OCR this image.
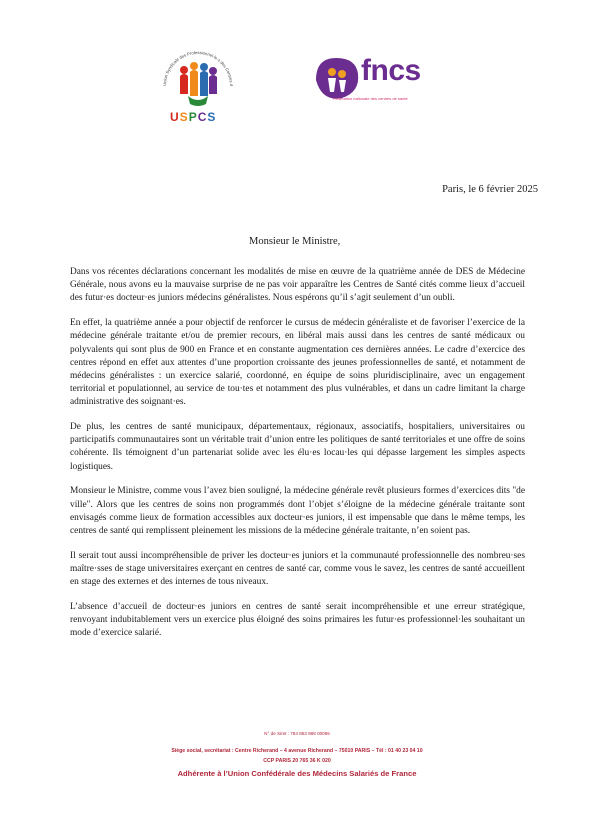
Union Syndicale des Professionnel·le·s des Centres d
USPCS
fncs
Fédération nationale des centres de santé
Paris, le 6 février 2025
Monsieur le Ministre,

Dans vos récentes déclarations concernant les modalités de mise en œuvre de la quatrième année de DES de Médecine Générale, nous avons eu la mauvaise surprise de ne pas voir apparaître les Centres de Santé cités comme lieux d’accueil des futur·es docteur·es juniors médecins généralistes. Nous espérons qu’il s’agit seulement d’un oubli.

En effet, la quatrième année a pour objectif de renforcer le cursus de médecin généraliste et de favoriser l’exercice de la médecine générale traitante et/ou de premier recours, en libéral mais aussi dans les centres de santé médicaux ou polyvalents qui sont plus de 900 en France et en constante augmentation ces dernières années. Le cadre d’exercice des centres répond en effet aux attentes d’une proportion croissante des jeunes professionnelles de santé, et notamment de médecins généralistes : un exercice salarié, coordonné, en équipe de soins pluridisciplinaire, avec un engagement territorial et populationnel, au service de tou·tes et notamment des plus vulnérables, et dans un cadre limitant la charge administrative des soignant·es.

De plus, les centres de santé municipaux, départementaux, régionaux, associatifs, hospitaliers, universitaires ou participatifs communautaires sont un véritable trait d’union entre les politiques de santé territoriales et une offre de soins cohérente. Ils témoignent d’un partenariat solide avec les élu·es locau·les qui dépasse largement les simples aspects logistiques.

Monsieur le Ministre, comme vous l’avez bien souligné, la médecine générale revêt plusieurs formes d’exercices dits "de ville". Alors que les centres de soins non programmés dont l’objet s’éloigne de la médecine générale traitante sont envisagés comme lieux de formation accessibles aux docteur·es juniors, il est impensable que dans le même temps, les centres de santé qui remplissent pleinement les missions de la médecine générale traitante, n’en soient pas.

Il serait tout aussi incompréhensible de priver les docteur·es juniors et la communauté professionnelle des nombreu·ses maître·sses de stage universitaires exerçant en centres de santé car, comme vous le savez, les centres de santé accueillent en stage des externes et des internes de tous niveaux.

L’absence d’accueil de docteur·es juniors en centres de santé serait incompréhensible et une erreur stratégique, renvoyant indubitablement vers un exercice plus éloigné des soins primaires les futur·es professionnel·les souhaitant un mode d’exercice salarié.

N° de Siret : 784 853 988 00065
Siège social, secrétariat : Centre Richerand – 4 avenue Richerand – 75010 PARIS – Tél : 01 40 23 04 10
CCP PARIS 20 765 36 K 020
Adhérente à l’Union Confédérale des Médecins Salariés de France
